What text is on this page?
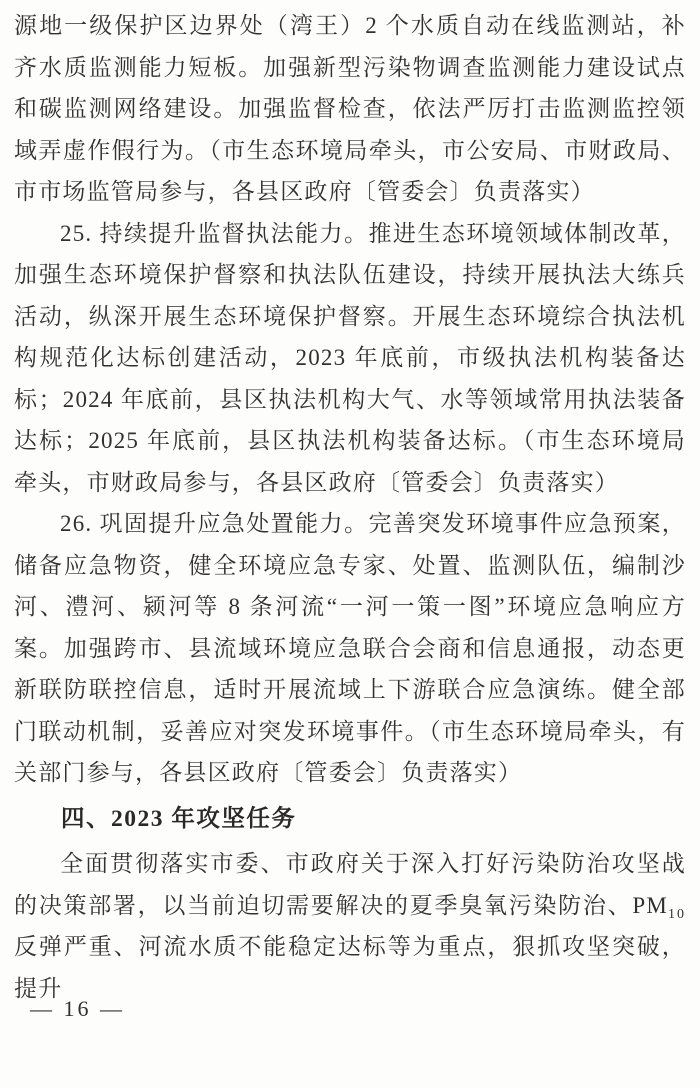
源地一级保护区边界处（湾王）2 个水质自动在线监测站，补齐水质监测能力短板。加强新型污染物调查监测能力建设试点和碳监测网络建设。加强监督检查，依法严厉打击监测监控领域弄虚作假行为。（市生态环境局牵头，市公安局、市财政局、市市场监管局参与，各县区政府〔管委会〕负责落实）

25. 持续提升监督执法能力。推进生态环境领域体制改革，加强生态环境保护督察和执法队伍建设，持续开展执法大练兵活动，纵深开展生态环境保护督察。开展生态环境综合执法机构规范化达标创建活动，2023 年底前，市级执法机构装备达标；2024 年底前，县区执法机构大气、水等领域常用执法装备达标；2025 年底前，县区执法机构装备达标。（市生态环境局牵头，市财政局参与，各县区政府〔管委会〕负责落实）

26. 巩固提升应急处置能力。完善突发环境事件应急预案，储备应急物资，健全环境应急专家、处置、监测队伍，编制沙河、澧河、颍河等 8 条河流“一河一策一图”环境应急响应方案。加强跨市、县流域环境应急联合会商和信息通报，动态更新联防联控信息，适时开展流域上下游联合应急演练。健全部门联动机制，妥善应对突发环境事件。（市生态环境局牵头，有关部门参与，各县区政府〔管委会〕负责落实）

四、2023 年攻坚任务

全面贯彻落实市委、市政府关于深入打好污染防治攻坚战的决策部署，以当前迫切需要解决的夏季臭氧污染防治、$PM_{10}$ 反弹严重、河流水质不能稳定达标等为重点，狠抓攻坚突破，提升

— 16 —
